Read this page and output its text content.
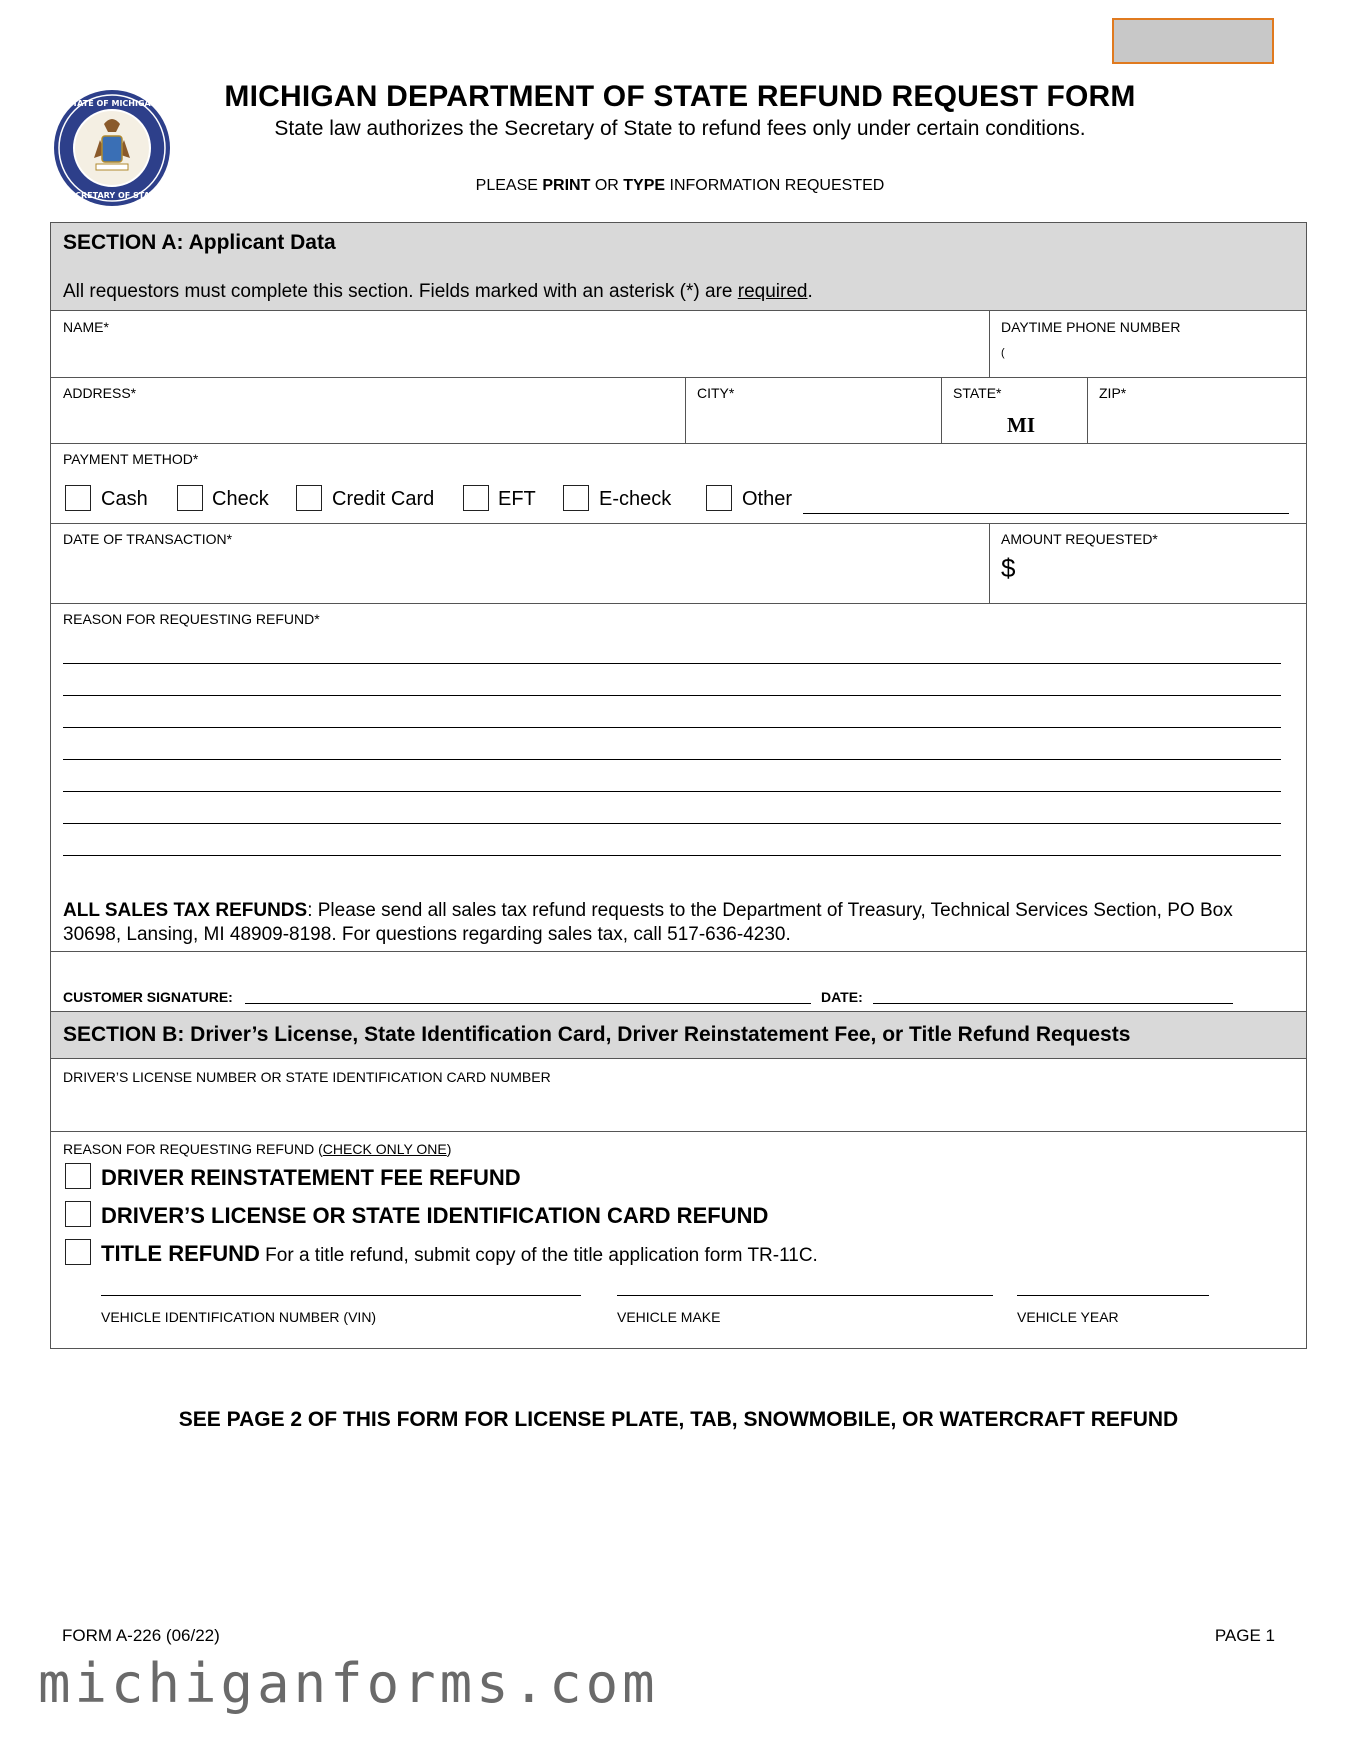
STATE OF MICHIGAN
SECRETARY OF STATE
MICHIGAN DEPARTMENT OF STATE REFUND REQUEST FORM
State law authorizes the Secretary of State to refund fees only under certain conditions.
PLEASE PRINT OR TYPE INFORMATION REQUESTED
SECTION A: Applicant Data
All requestors must complete this section. Fields marked with an asterisk (*) are required.
NAME*	DAYTIME PHONE NUMBER
(
ADDRESS*	CITY*	STATE*
MI
ZIP*
PAYMENT METHOD*
Cash	Check	Credit Card	EFT	E-check	Other
DATE OF TRANSACTION*	AMOUNT REQUESTED*
$
REASON FOR REQUESTING REFUND*
ALL SALES TAX REFUNDS: Please send all sales tax refund requests to the Department of Treasury, Technical Services Section, PO Box 30698, Lansing, MI 48909-8198. For questions regarding sales tax, call 517-636-4230.
CUSTOMER SIGNATURE:	DATE:
SECTION B: Driver’s License, State Identification Card, Driver Reinstatement Fee, or Title Refund Requests
DRIVER’S LICENSE NUMBER OR STATE IDENTIFICATION CARD NUMBER
REASON FOR REQUESTING REFUND (CHECK ONLY ONE)
DRIVER REINSTATEMENT FEE REFUND
DRIVER’S LICENSE OR STATE IDENTIFICATION CARD REFUND
TITLE REFUND For a title refund, submit copy of the title application form TR-11C.
VEHICLE IDENTIFICATION NUMBER (VIN)	VEHICLE MAKE	VEHICLE YEAR
SEE PAGE 2 OF THIS FORM FOR LICENSE PLATE, TAB, SNOWMOBILE, OR WATERCRAFT REFUND
FORM A-226 (06/22)	PAGE 1
michiganforms.com
